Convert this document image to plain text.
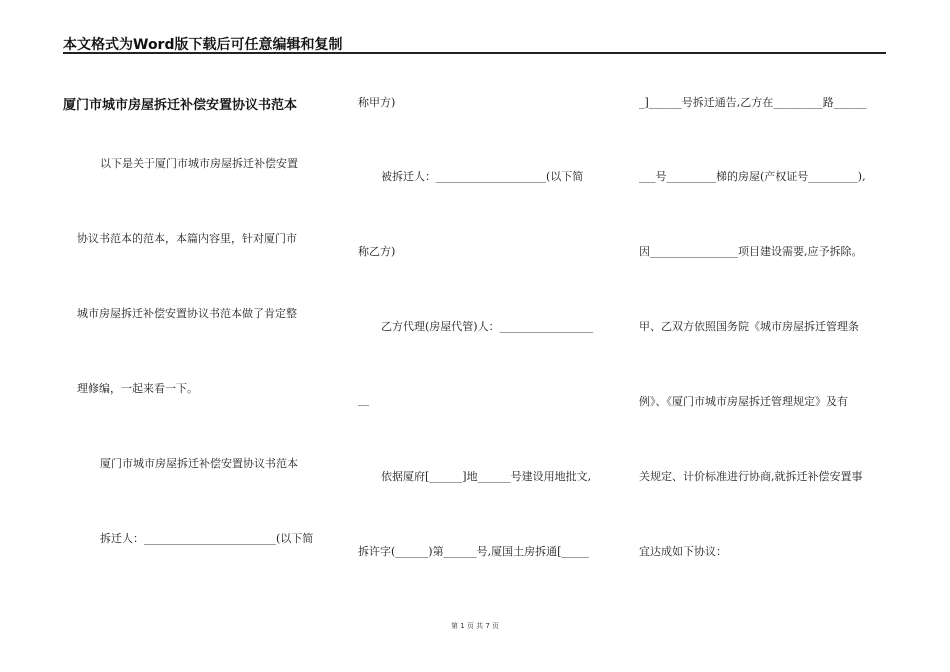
本文格式为Word版下载后可任意编辑和复制
厦门市城市房屋拆迁补偿安置协议书范本
以下是关于厦门市城市房屋拆迁补偿安置
协议书范本的范本，本篇内容里，针对厦门市
城市房屋拆迁补偿安置协议书范本做了肯定整
理修编，一起来看一下。
厦门市城市房屋拆迁补偿安置协议书范本
拆迁人：________________________(以下简
称甲方)
被拆迁人：____________________(以下简
称乙方)
乙方代理(房屋代管)人：_________________
__
依据厦府[______]地______号建设用地批文,
拆许字(______)第______号,厦国土房拆通[_____
_]______号拆迁通告,乙方在_________路______
___号_________梯的房屋(产权证号_________),
因________________项目建设需要,应予拆除。
甲、乙双方依照国务院《城市房屋拆迁管理条
例》、《厦门市城市房屋拆迁管理规定》及有
关规定、计价标准进行协商,就拆迁补偿安置事
宜达成如下协议：
第 1 页 共 7 页
